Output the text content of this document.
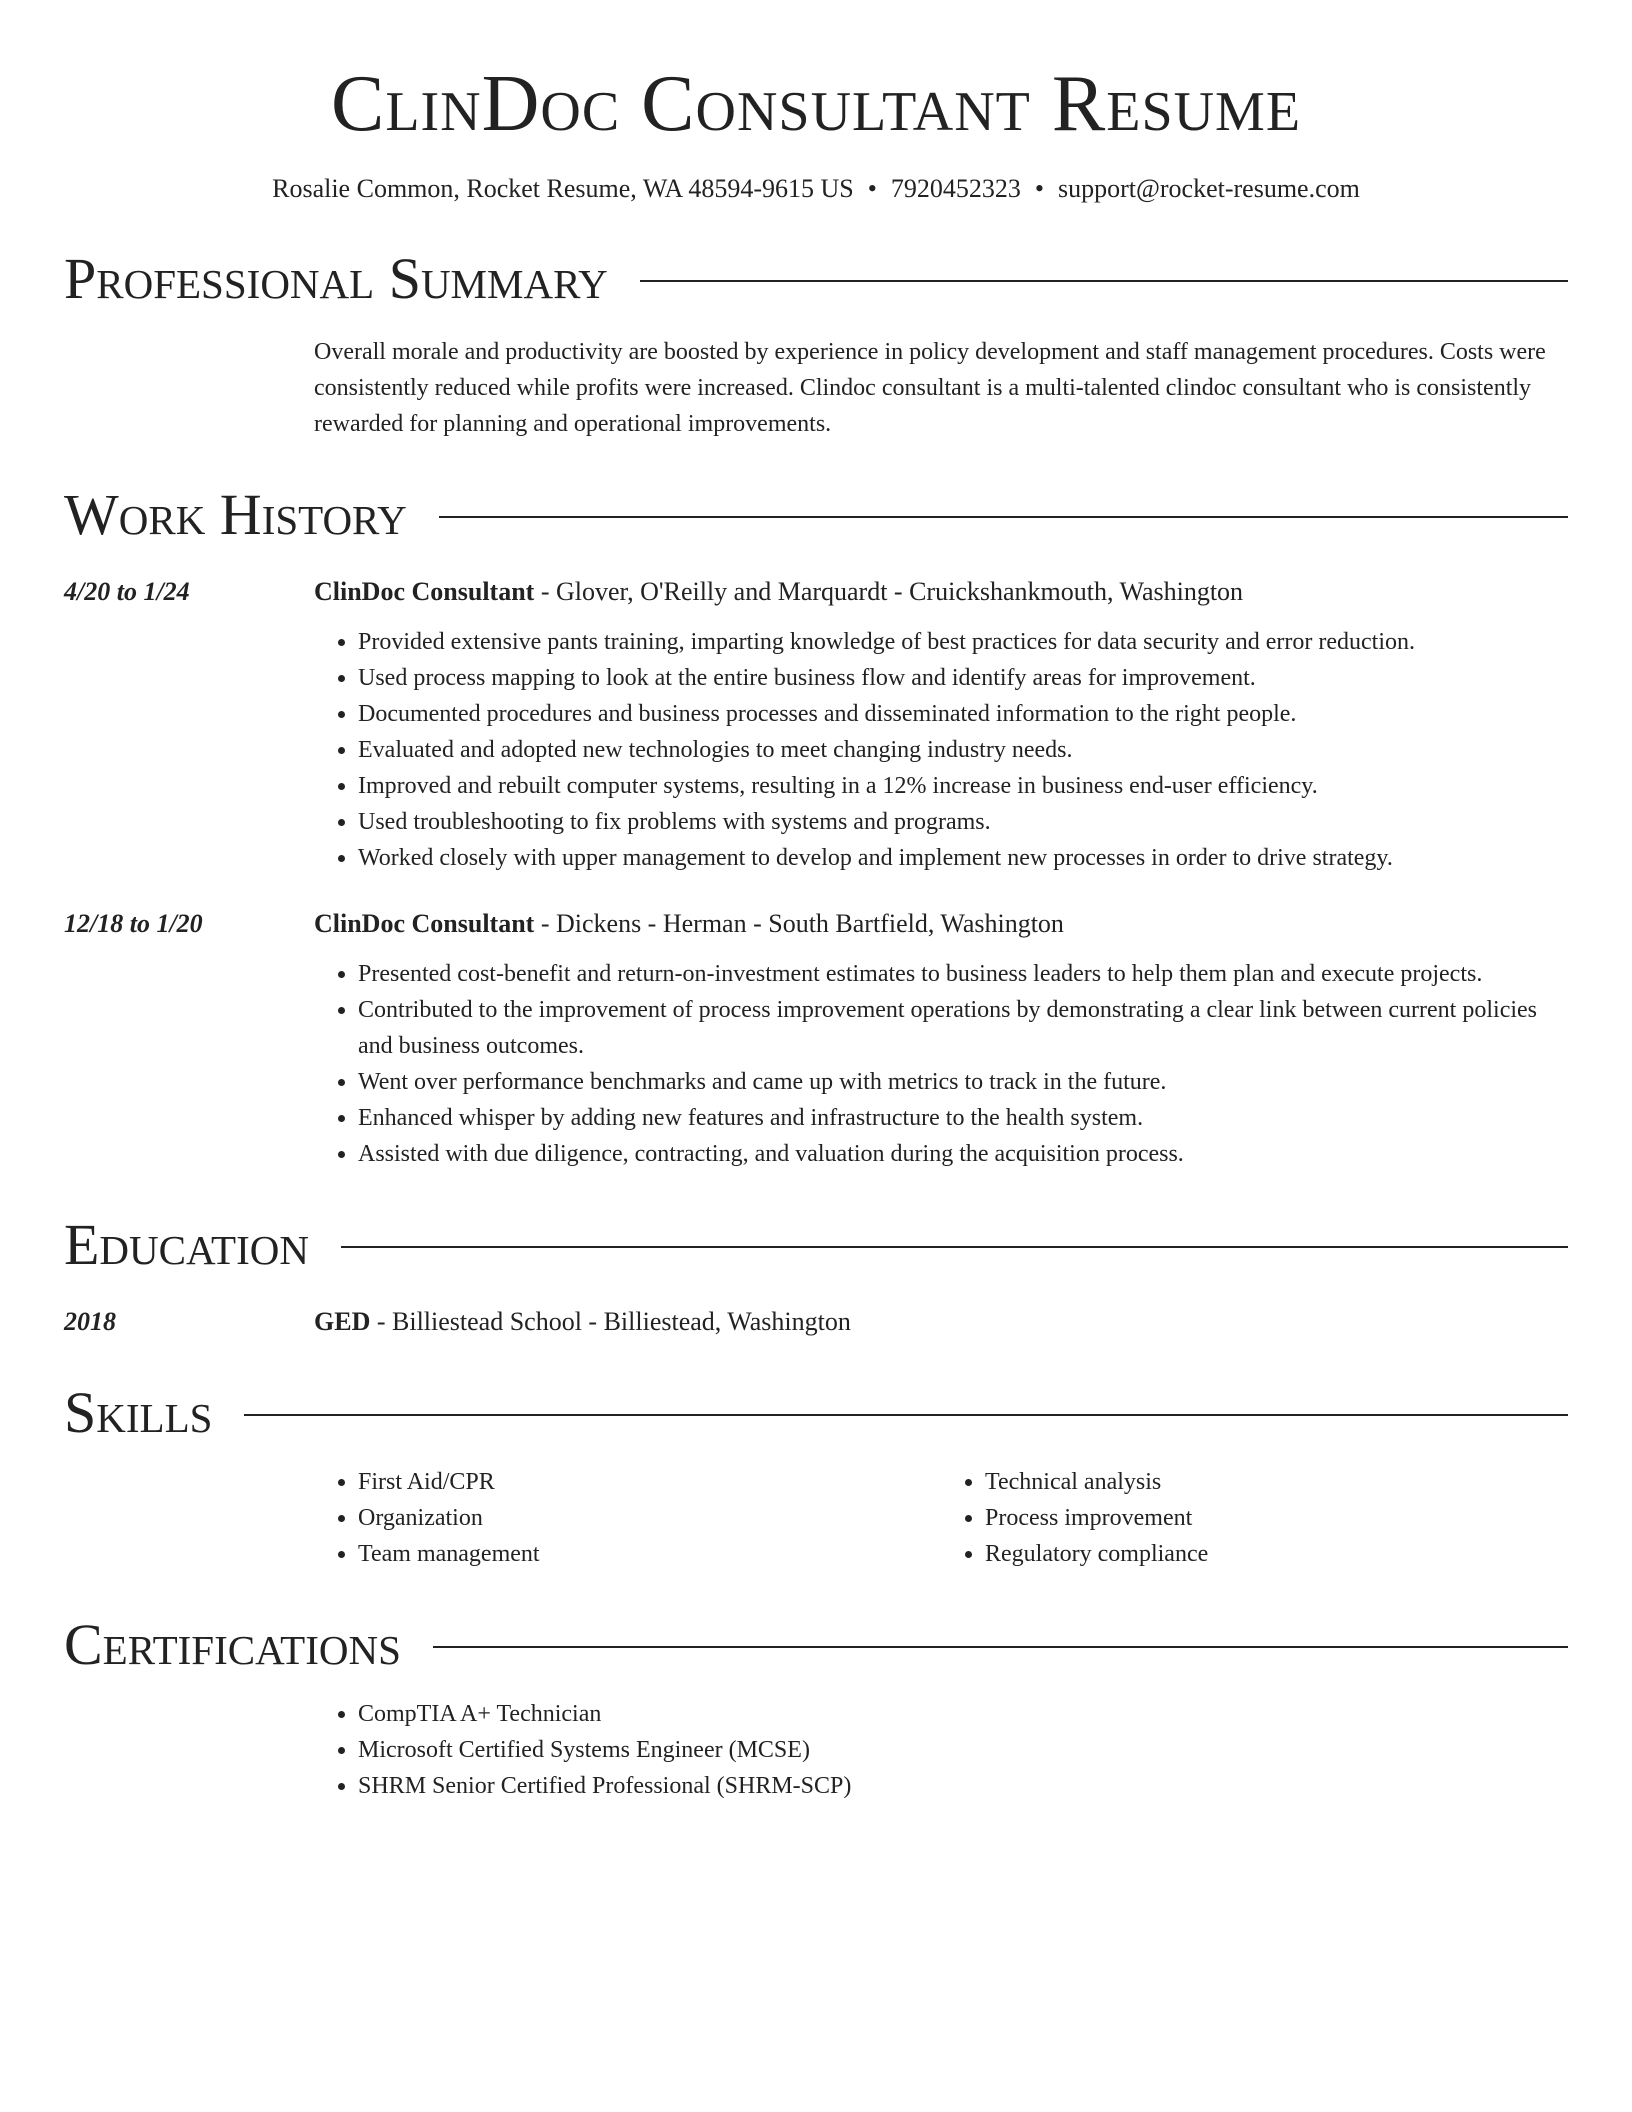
ClinDoc Consultant Resume
Rosalie Common, Rocket Resume, WA 48594-9615 US • 7920452323 • support@rocket-resume.com
Professional Summary
Overall morale and productivity are boosted by experience in policy development and staff management procedures. Costs were consistently reduced while profits were increased. Clindoc consultant is a multi-talented clindoc consultant who is consistently rewarded for planning and operational improvements.
Work History
4/20 to 1/24	ClinDoc Consultant - Glover, O'Reilly and Marquardt - Cruickshankmouth, Washington
• Provided extensive pants training, imparting knowledge of best practices for data security and error reduction.
• Used process mapping to look at the entire business flow and identify areas for improvement.
• Documented procedures and business processes and disseminated information to the right people.
• Evaluated and adopted new technologies to meet changing industry needs.
• Improved and rebuilt computer systems, resulting in a 12% increase in business end-user efficiency.
• Used troubleshooting to fix problems with systems and programs.
• Worked closely with upper management to develop and implement new processes in order to drive strategy.
12/18 to 1/20	ClinDoc Consultant - Dickens - Herman - South Bartfield, Washington
• Presented cost-benefit and return-on-investment estimates to business leaders to help them plan and execute projects.
• Contributed to the improvement of process improvement operations by demonstrating a clear link between current policies and business outcomes.
• Went over performance benchmarks and came up with metrics to track in the future.
• Enhanced whisper by adding new features and infrastructure to the health system.
• Assisted with due diligence, contracting, and valuation during the acquisition process.
Education
2018	GED - Billiestead School - Billiestead, Washington
Skills
• First Aid/CPR
• Organization
• Team management
• Technical analysis
• Process improvement
• Regulatory compliance
Certifications
• CompTIA A+ Technician
• Microsoft Certified Systems Engineer (MCSE)
• SHRM Senior Certified Professional (SHRM-SCP)
